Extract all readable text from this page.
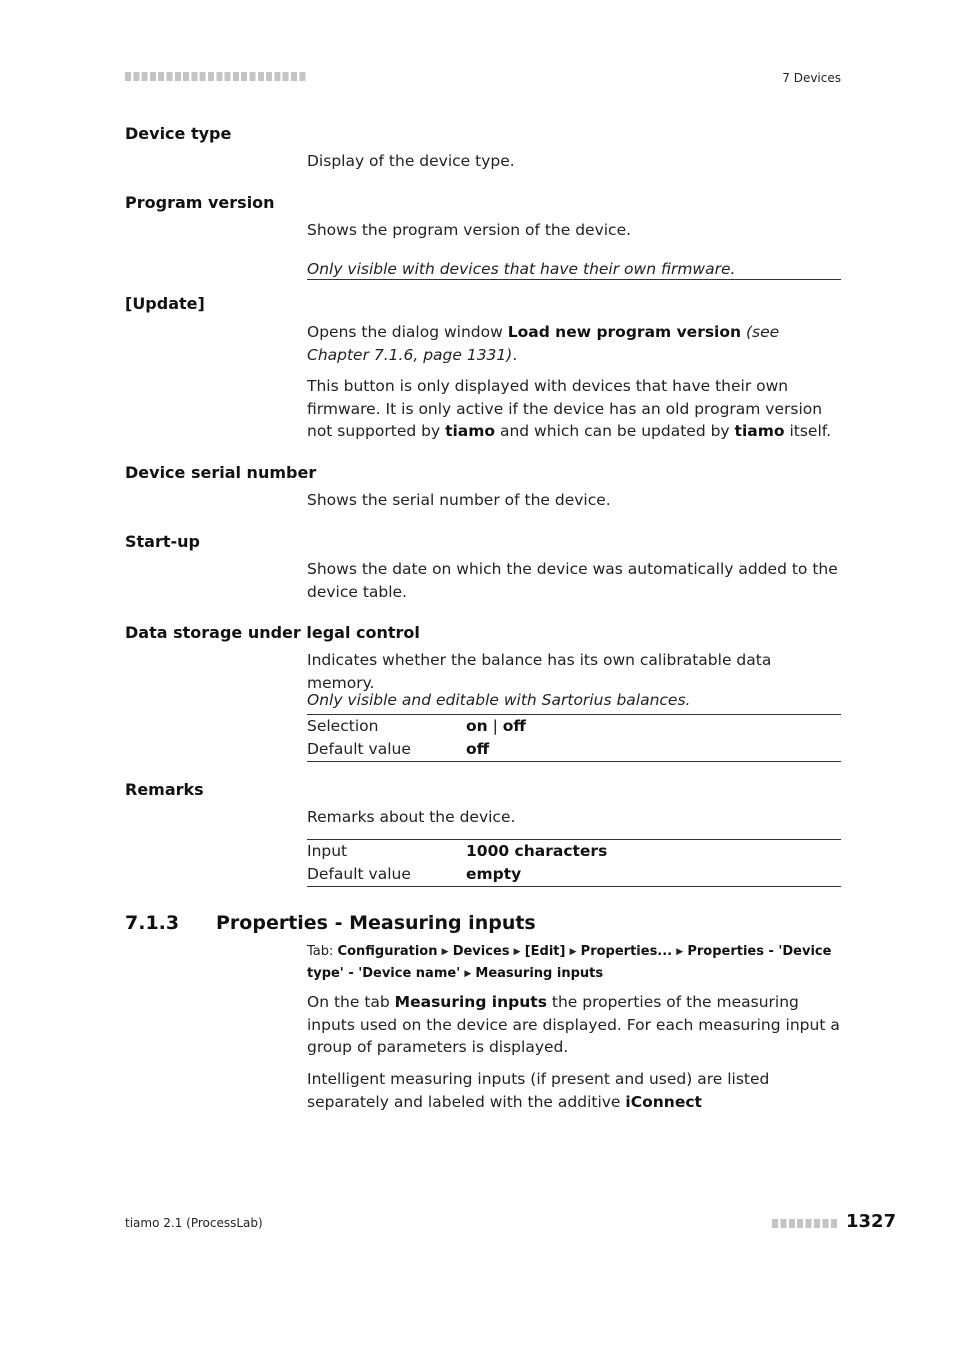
7 Devices
Device type
Display of the device type.
Program version
Shows the program version of the device.
Only visible with devices that have their own firmware.
[Update]
Opens the dialog window Load new program version (see Chapter 7.1.6, page 1331).
This button is only displayed with devices that have their own firmware. It is only active if the device has an old program version not supported by tiamo and which can be updated by tiamo itself.
Device serial number
Shows the serial number of the device.
Start-up
Shows the date on which the device was automatically added to the device table.
Data storage under legal control
Indicates whether the balance has its own calibratable data memory.
Only visible and editable with Sartorius balances.
Selection	on | off
Default value	off
Remarks
Remarks about the device.
Input	1000 characters
Default value	empty
7.1.3 Properties - Measuring inputs
Tab: Configuration ▶ Devices ▶ [Edit] ▶ Properties... ▶ Properties - 'Device type' - 'Device name' ▶ Measuring inputs
On the tab Measuring inputs the properties of the measuring inputs used on the device are displayed. For each measuring input a group of parameters is displayed.
Intelligent measuring inputs (if present and used) are listed separately and labeled with the additive iConnect
tiamo 2.1 (ProcessLab)	1327
